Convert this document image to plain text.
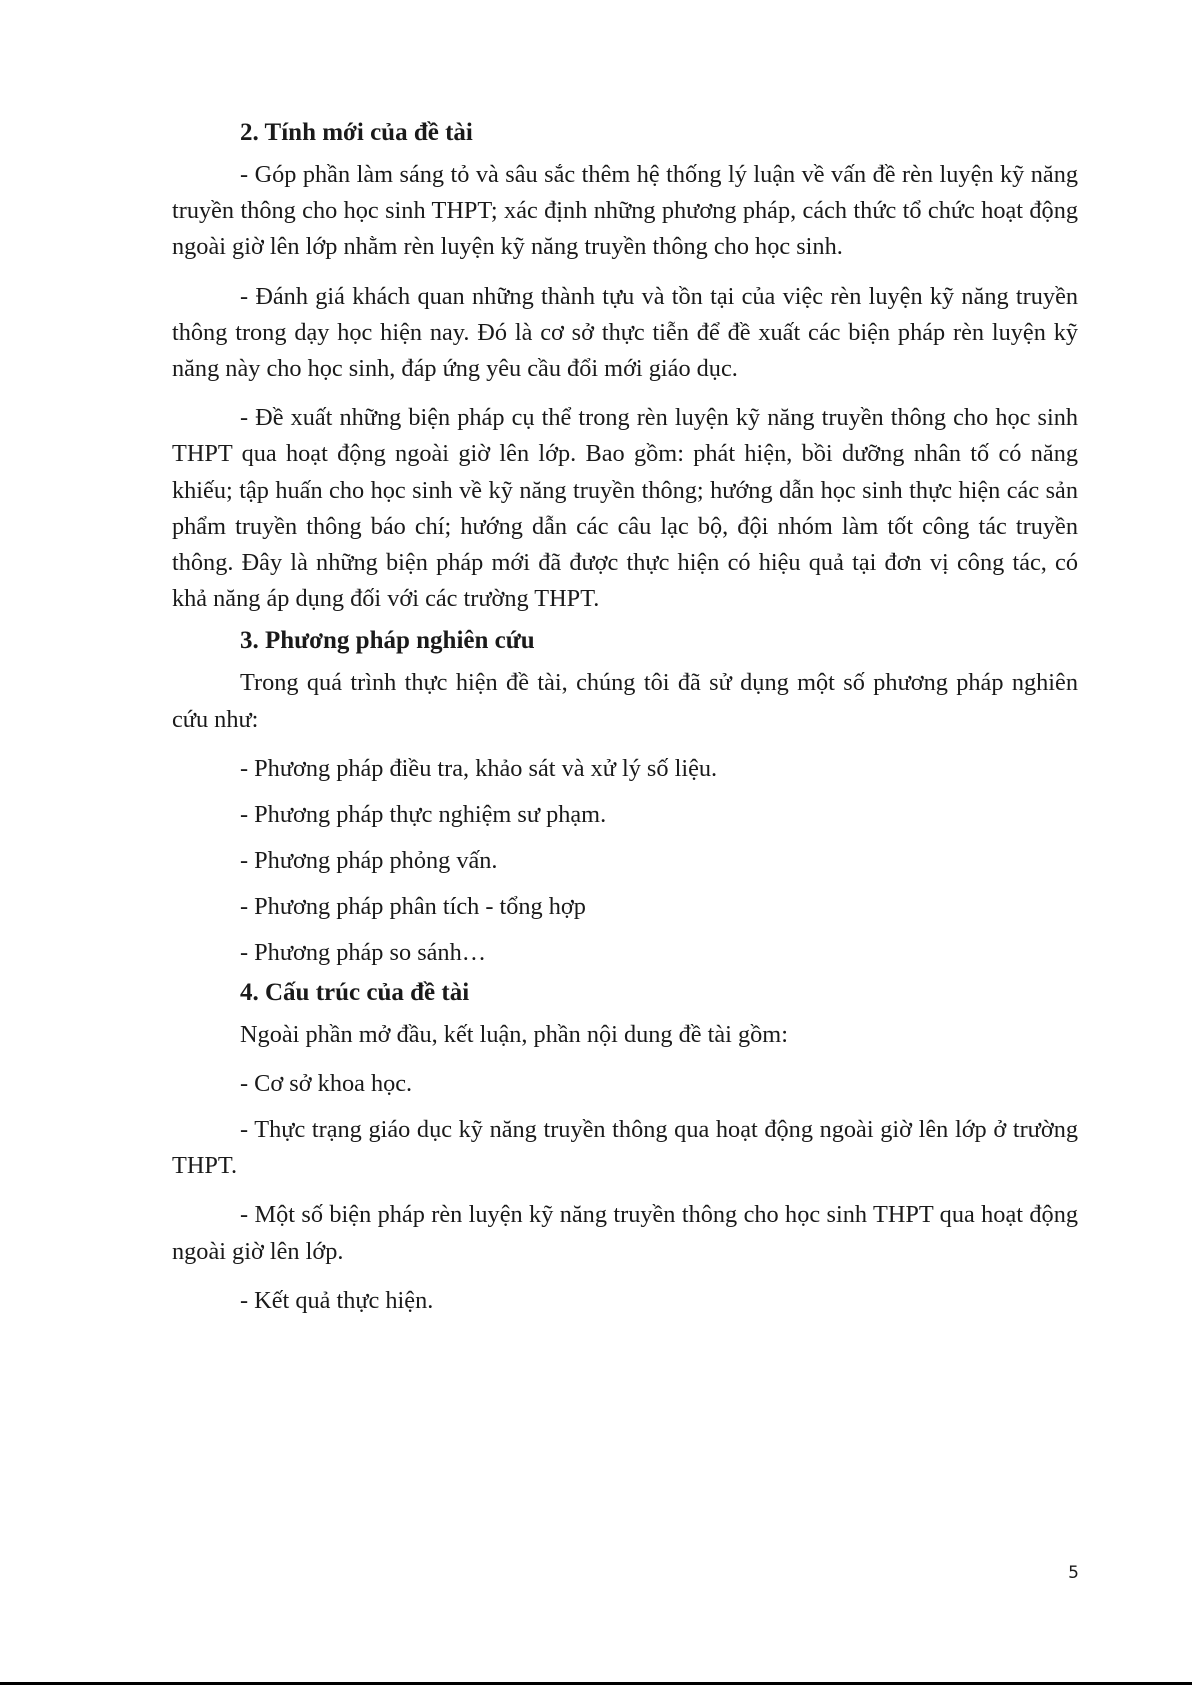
2. Tính mới của đề tài

- Góp phần làm sáng tỏ và sâu sắc thêm hệ thống lý luận về vấn đề rèn luyện kỹ năng truyền thông cho học sinh THPT; xác định những phương pháp, cách thức tổ chức hoạt động ngoài giờ lên lớp nhằm rèn luyện kỹ năng truyền thông cho học sinh.

- Đánh giá khách quan những thành tựu và tồn tại của việc rèn luyện kỹ năng truyền thông trong dạy học hiện nay. Đó là cơ sở thực tiễn để đề xuất các biện pháp rèn luyện kỹ năng này cho học sinh, đáp ứng yêu cầu đổi mới giáo dục.

- Đề xuất những biện pháp cụ thể trong rèn luyện kỹ năng truyền thông cho học sinh THPT qua hoạt động ngoài giờ lên lớp. Bao gồm: phát hiện, bồi dưỡng nhân tố có năng khiếu; tập huấn cho học sinh về kỹ năng truyền thông; hướng dẫn học sinh thực hiện các sản phẩm truyền thông báo chí; hướng dẫn các câu lạc bộ, đội nhóm làm tốt công tác truyền thông. Đây là những biện pháp mới đã được thực hiện có hiệu quả tại đơn vị công tác, có khả năng áp dụng đối với các trường THPT.

3. Phương pháp nghiên cứu

Trong quá trình thực hiện đề tài, chúng tôi đã sử dụng một số phương pháp nghiên cứu như:

- Phương pháp điều tra, khảo sát và xử lý số liệu.
- Phương pháp thực nghiệm sư phạm.
- Phương pháp phỏng vấn.
- Phương pháp phân tích - tổng hợp
- Phương pháp so sánh…
4. Cấu trúc của đề tài

Ngoài phần mở đầu, kết luận, phần nội dung đề tài gồm:

- Cơ sở khoa học.

- Thực trạng giáo dục kỹ năng truyền thông qua hoạt động ngoài giờ lên lớp ở trường THPT.

- Một số biện pháp rèn luyện kỹ năng truyền thông cho học sinh THPT qua hoạt động ngoài giờ lên lớp.

- Kết quả thực hiện.
5
